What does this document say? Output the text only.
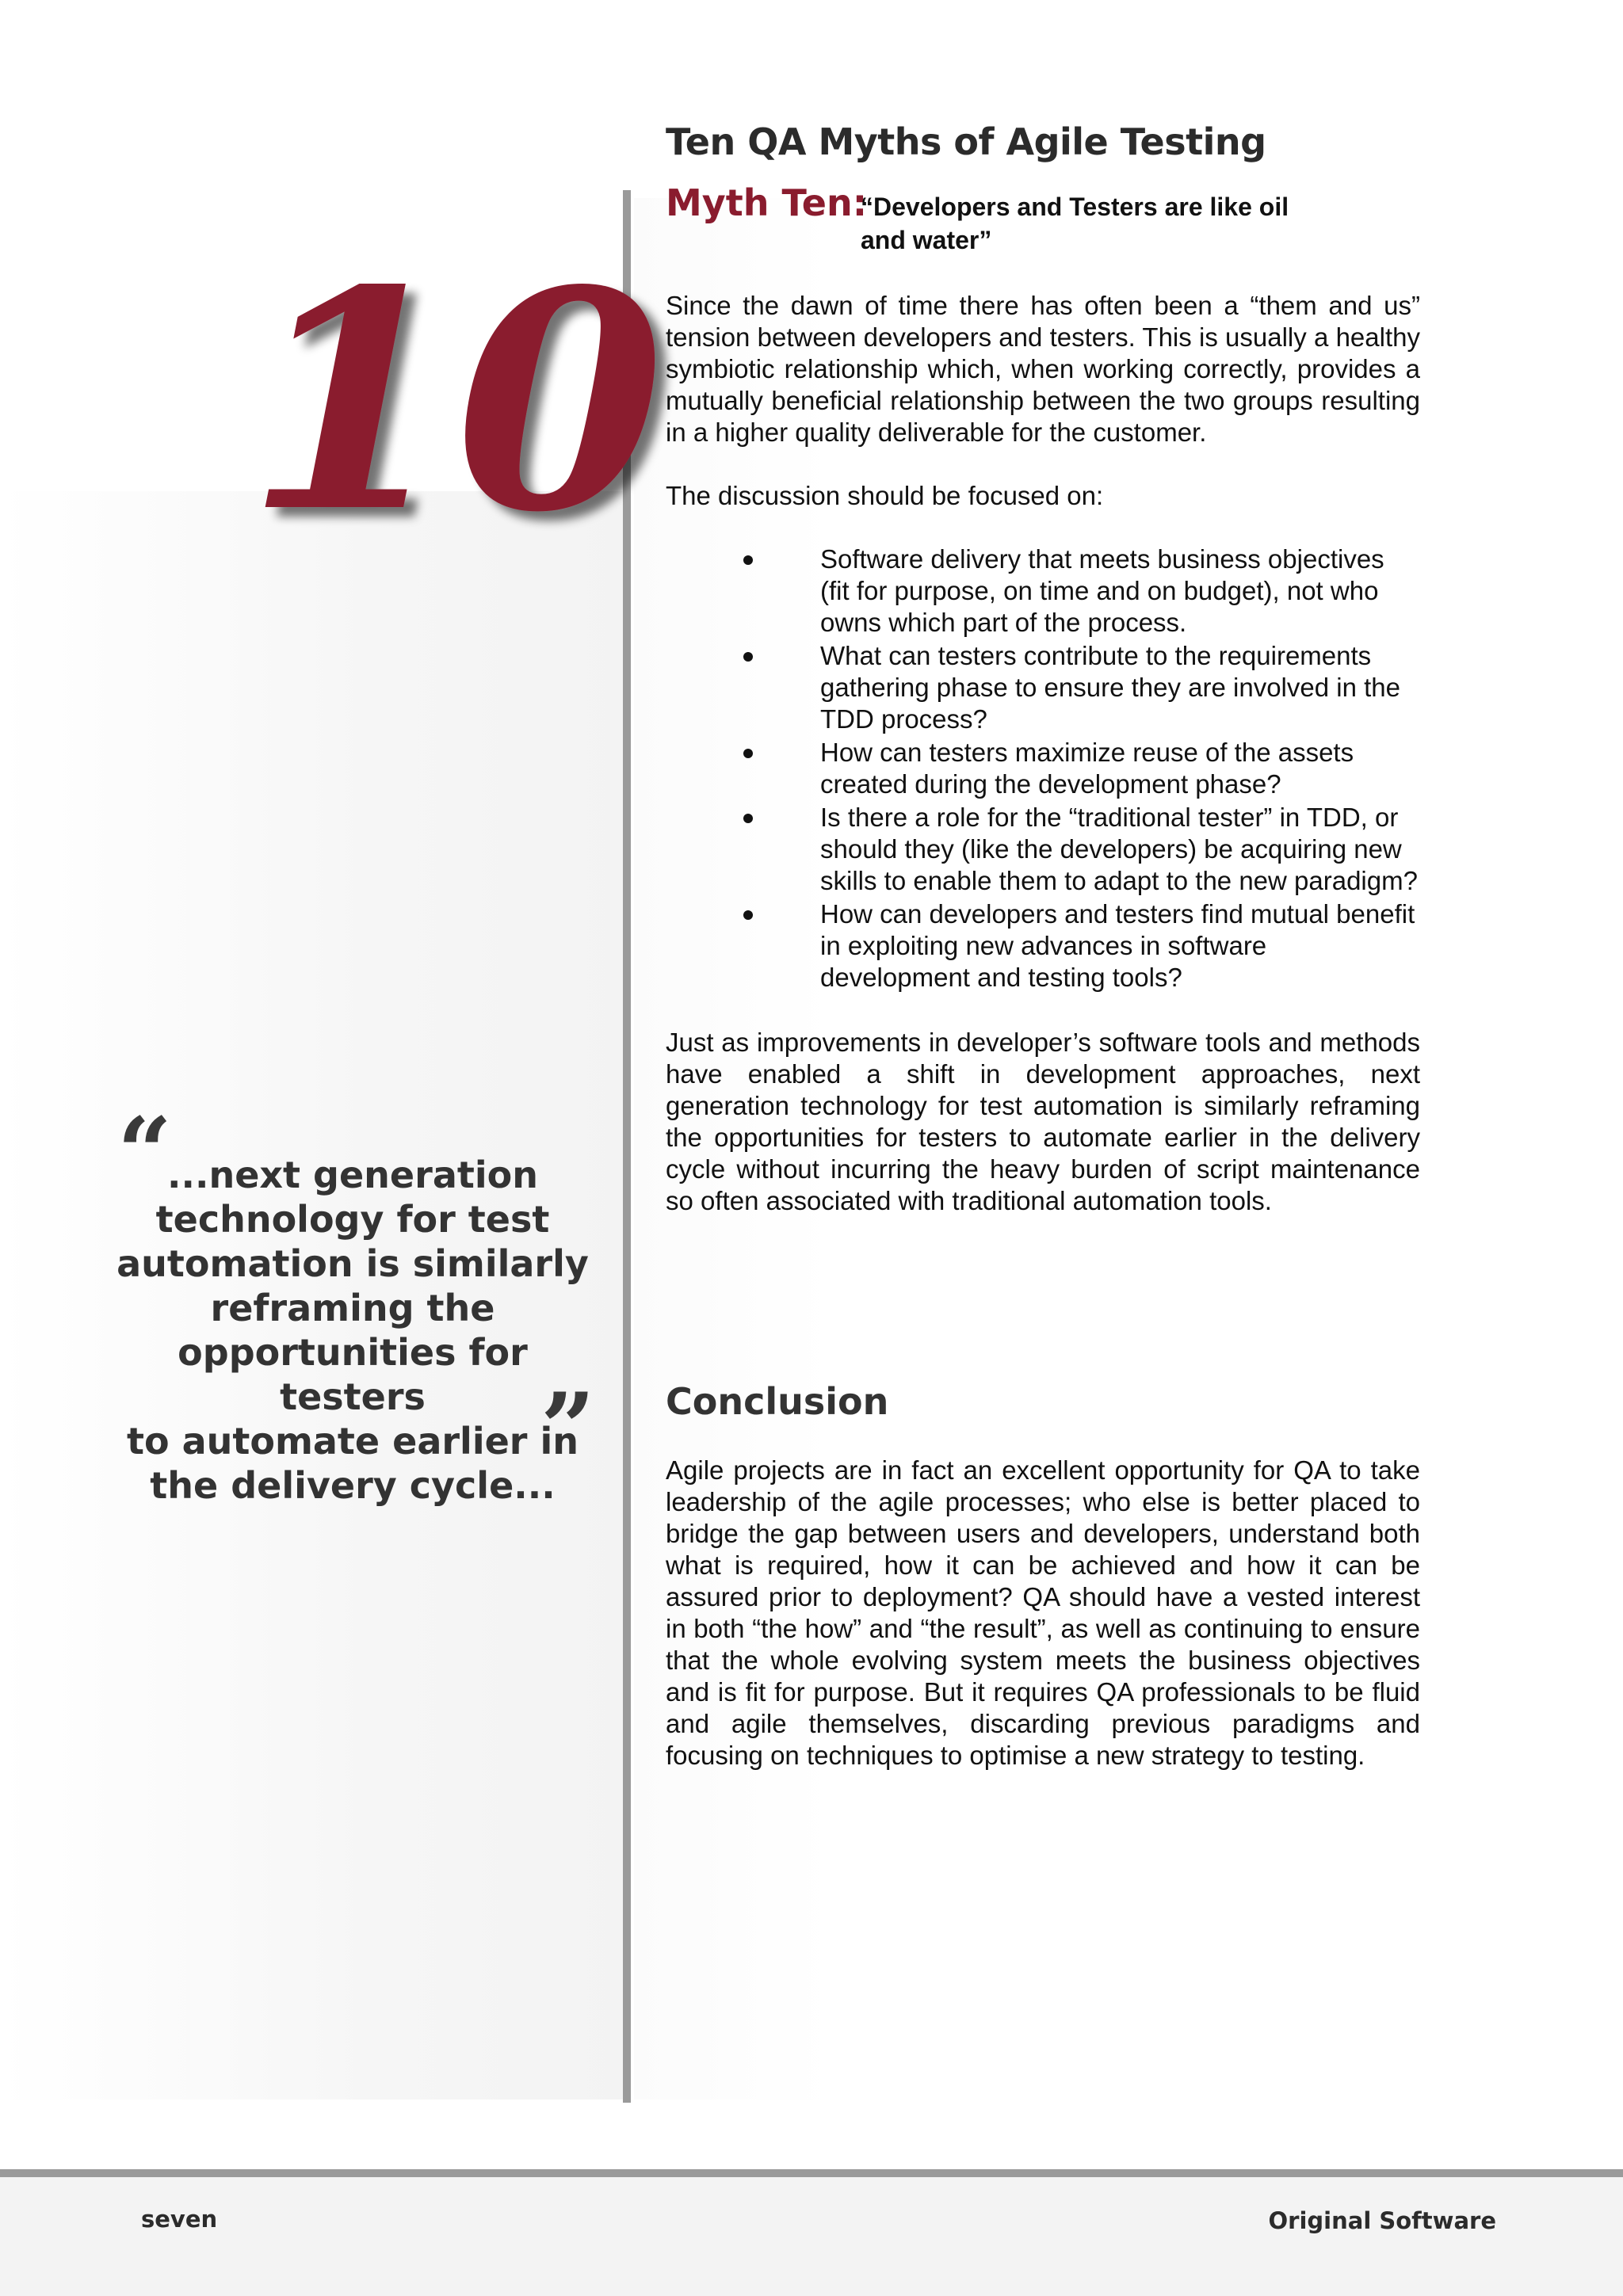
10
“
...next generation
technology for test
automation is similarly
reframing the
opportunities for testers
to automate earlier in
the delivery cycle...
”
Ten QA Myths of Agile Testing
Myth Ten:
“Developers and Testers are like oil
and water”

Since the dawn of time there has often been a “them and us” tension between developers and testers. This is usually a healthy symbiotic relationship which, when working correctly, provides a mutually beneficial relationship between the two groups resulting in a higher quality deliverable for the customer.

The discussion should be focused on:

Software delivery that meets business objectives (fit for purpose, on time and on budget), not who owns which part of the process.
What can testers contribute to the requirements gathering phase to ensure they are involved in the TDD process?
How can testers maximize reuse of the assets created during the development phase?
Is there a role for the “traditional tester” in TDD, or should they (like the developers) be acquiring new skills to enable them to adapt to the new paradigm?
How can developers and testers find mutual benefit in exploiting new advances in software development and testing tools?

Just as improvements in developer’s software tools and methods have enabled a shift in development approaches, next generation technology for test automation is similarly reframing the opportunities for testers to automate earlier in the delivery cycle without incurring the heavy burden of script maintenance so often associated with traditional automation tools.

Conclusion

Agile projects are in fact an excellent opportunity for QA to take leadership of the agile processes; who else is better placed to bridge the gap between users and developers, understand both what is required, how it can be achieved and how it can be assured prior to deployment? QA should have a vested interest in both “the how” and “the result”, as well as continuing to ensure that the whole evolving system meets the business objectives and is fit for purpose. But it requires QA professionals to be fluid and agile themselves, discarding previous paradigms and focusing on techniques to optimise a new strategy to testing.

seven	Original Software
